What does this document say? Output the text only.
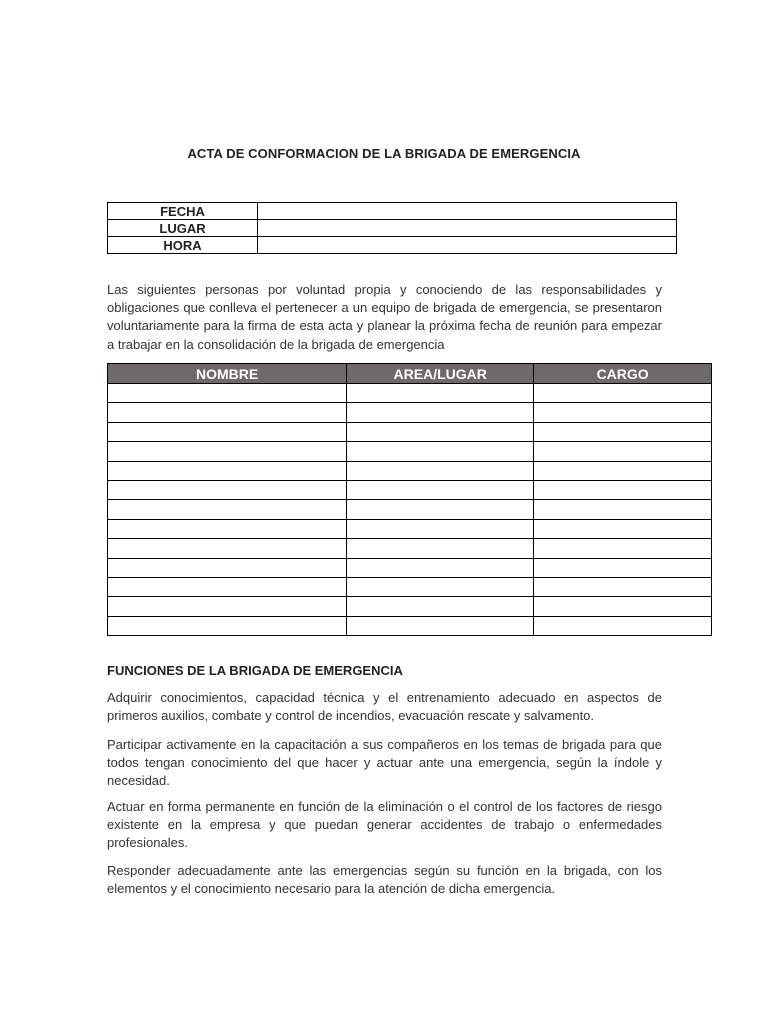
ACTA DE CONFORMACION DE LA BRIGADA DE EMERGENCIA
FECHA	
LUGAR	
HORA	

Las siguientes personas por voluntad propia y conociendo de las responsabilidades y obligaciones que conlleva el pertenecer a un equipo de brigada de emergencia, se presentaron voluntariamente para la firma de esta acta y planear la próxima fecha de reunión para empezar a trabajar en la consolidación de la brigada de emergencia

NOMBRE	AREA/LUGAR	CARGO

FUNCIONES DE LA BRIGADA DE EMERGENCIA

Adquirir conocimientos, capacidad técnica y el entrenamiento adecuado en aspectos de primeros auxilios, combate y control de incendios, evacuación rescate y salvamento.

Participar activamente en la capacitación a sus compañeros en los temas de brigada para que todos tengan conocimiento del que hacer y actuar ante una emergencia, según la índole y necesidad.

Actuar en forma permanente en función de la eliminación o el control de los factores de riesgo existente en la empresa y que puedan generar accidentes de trabajo o enfermedades profesionales.

Responder adecuadamente ante las emergencias según su función en la brigada, con los elementos y el conocimiento necesario para la atención de dicha emergencia.
